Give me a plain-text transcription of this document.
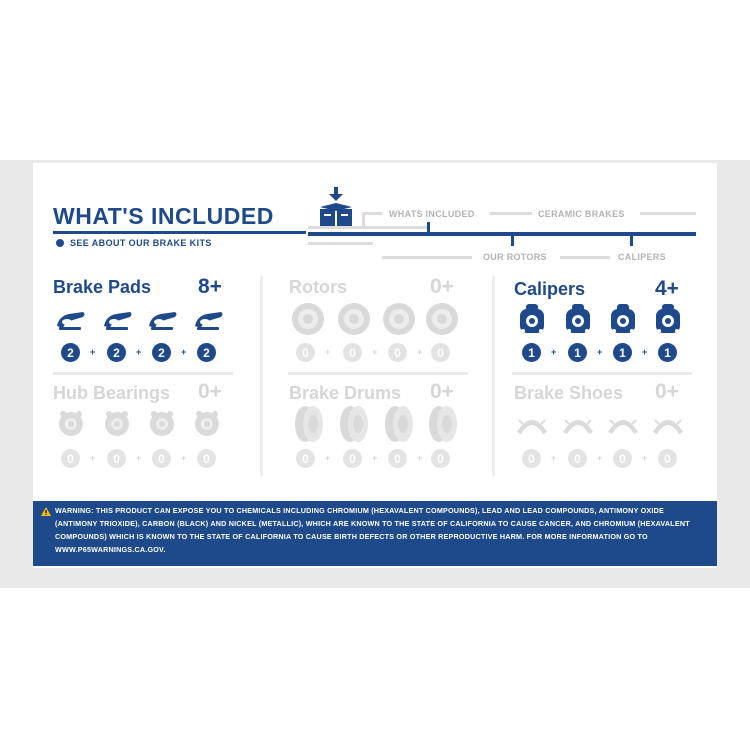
WHAT'S INCLUDED
SEE ABOUT OUR BRAKE KITS
WHATS INCLUDED	CERAMIC BRAKES
OUR ROTORS	CALIPERS
Brake Pads 8+
2	+	2	+	2	+	2
Rotors	0+
0	+	0	+	0	+	0
Calipers	4+
1	+	1	+	1	+	1
Hub Bearings 0+
0	+	0	+	0	+	0
Brake Drums 0+
0	+	0	+	0	+	0
Brake Shoes 0+
0	+	0	+	0	+	0
WARNING: THIS PRODUCT CAN EXPOSE YOU TO CHEMICALS INCLUDING CHROMIUM (HEXAVALENT COMPOUNDS), LEAD AND LEAD COMPOUNDS, ANTIMONY OXIDE (ANTIMONY TRIOXIDE), CARBON (BLACK) AND NICKEL (METALLIC), WHICH ARE KNOWN TO THE STATE OF CALIFORNIA TO CAUSE CANCER, AND CHROMIUM (HEXAVALENT COMPOUNDS) WHICH IS KNOWN TO THE STATE OF CALIFORNIA TO CAUSE BIRTH DEFECTS OR OTHER REPRODUCTIVE HARM. FOR MORE INFORMATION GO TO WWW.P65WARNINGS.CA.GOV.
